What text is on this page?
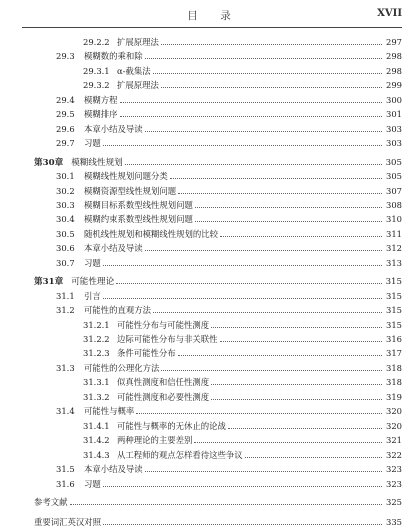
目　录	XVII
29.2.2 扩展原理法	297
29.3	模糊数的乘和除	298
29.3.1 α-截集法	298
29.3.2 扩展原理法	299
29.4	模糊方程	300
29.5	模糊排序	301
29.6	本章小结及导读	303
29.7	习题	303
第 30 章 模糊线性规划	305
30.1	模糊线性规划问题分类	305
30.2	模糊资源型线性规划问题	307
30.3	模糊目标系数型线性规划问题	308
30.4	模糊约束系数型线性规划问题	310
30.5	随机线性规划和模糊线性规划的比较	311
30.6	本章小结及导读	312
30.7	习题	313
第 31 章 可能性理论	315
31.1	引言	315
31.2	可能性的直观方法	315
31.2.1 可能性分布与可能性测度	315
31.2.2 边际可能性分布与非关联性	316
31.2.3 条件可能性分布	317
31.3	可能性的公理化方法	318
31.3.1 似真性测度和信任性测度	318
31.3.2 可能性测度和必要性测度	319
31.4	可能性与概率	320
31.4.1 可能性与概率的无休止的论战	320
31.4.2 两种理论的主要差别	321
31.4.3 从工程师的观点怎样看待这些争议	322
31.5	本章小结及导读	323
31.6	习题	323
参考文献	325
重要词汇英汉对照	335
